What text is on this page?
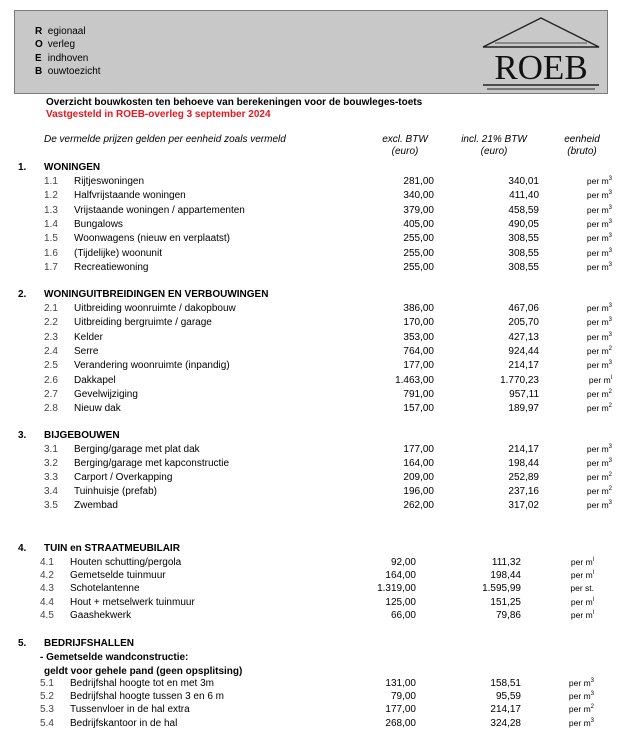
R egionaal
O verleg
E indhoven
B ouwtoezicht	ROEB
Overzicht bouwkosten ten behoeve van berekeningen voor de bouwleges-toets
Vastgesteld in ROEB-overleg 3 september 2024
De vermelde prijzen gelden per eenheid zoals vermeld	excl. BTW
(euro)
incl. 21% BTW
(euro)
eenheid
(bruto)
1. WONINGEN
1.1 Rijtjeswoningen	281,00	340,01	per $m^3$
1.2 Halfvrijstaande woningen	340,00	411,40	per $m^3$
1.3 Vrijstaande woningen / appartementen	379,00	458,59	per $m^3$
1.4 Bungalows	405,00	490,05	per $m^3$
1.5 Woonwagens (nieuw en verplaatst)	255,00	308,55	per $m^3$
1.6 (Tijdelijke) woonunit	255,00	308,55	per $m^3$
1.7 Recreatiewoning	255,00	308,55	per $m^3$
2. WONINGUITBREIDINGEN EN VERBOUWINGEN
2.1 Uitbreiding woonruimte / dakopbouw	386,00	467,06	per $m^3$
2.2 Uitbreiding bergruimte / garage	170,00	205,70	per $m^3$
2.3 Kelder	353,00	427,13	per $m^3$
2.4 Serre	764,00	924,44	per $m^2$
2.5 Verandering woonruimte (inpandig)	177,00	214,17	per $m^3$
2.6 Dakkapel	1.463,00	1.770,23	per $m^l$
2.7 Gevelwijziging	791,00	957,11	per $m^2$
2.8 Nieuw dak	157,00	189,97	per $m^2$
3. BIJGEBOUWEN
3.1 Berging/garage met plat dak	177,00	214,17	per $m^3$
3.2 Berging/garage met kapconstructie	164,00	198,44	per $m^3$
3.3 Carport / Overkapping	209,00	252,89	per $m^2$
3.4 Tuinhuisje (prefab)	196,00	237,16	per $m^2$
3.5 Zwembad	262,00	317,02	per $m^3$
4. TUIN en STRAATMEUBILAIR
4.1 Houten schutting/pergola	92,00	111,32	per $m^l$
4.2 Gemetselde tuinmuur	164,00	198,44	per $m^l$
4.3 Schotelantenne	1.319,00	1.595,99	per st.
4.4 Hout + metselwerk tuinmuur	125,00	151,25	per $m^l$
4.5 Gaashekwerk	66,00	79,86	per $m^l$
5. BEDRIJFSHALLEN
- Gemetselde wandconstructie:
geldt voor gehele pand (geen opsplitsing)
5.1 Bedrijfshal hoogte tot en met 3m	131,00	158,51	per $m^3$
5.2 Bedrijfshal hoogte tussen 3 en 6 m	79,00	95,59	per $m^3$
5.3 Tussenvloer in de hal extra	177,00	214,17	per $m^2$
5.4 Bedrijfskantoor in de hal	268,00	324,28	per $m^3$
